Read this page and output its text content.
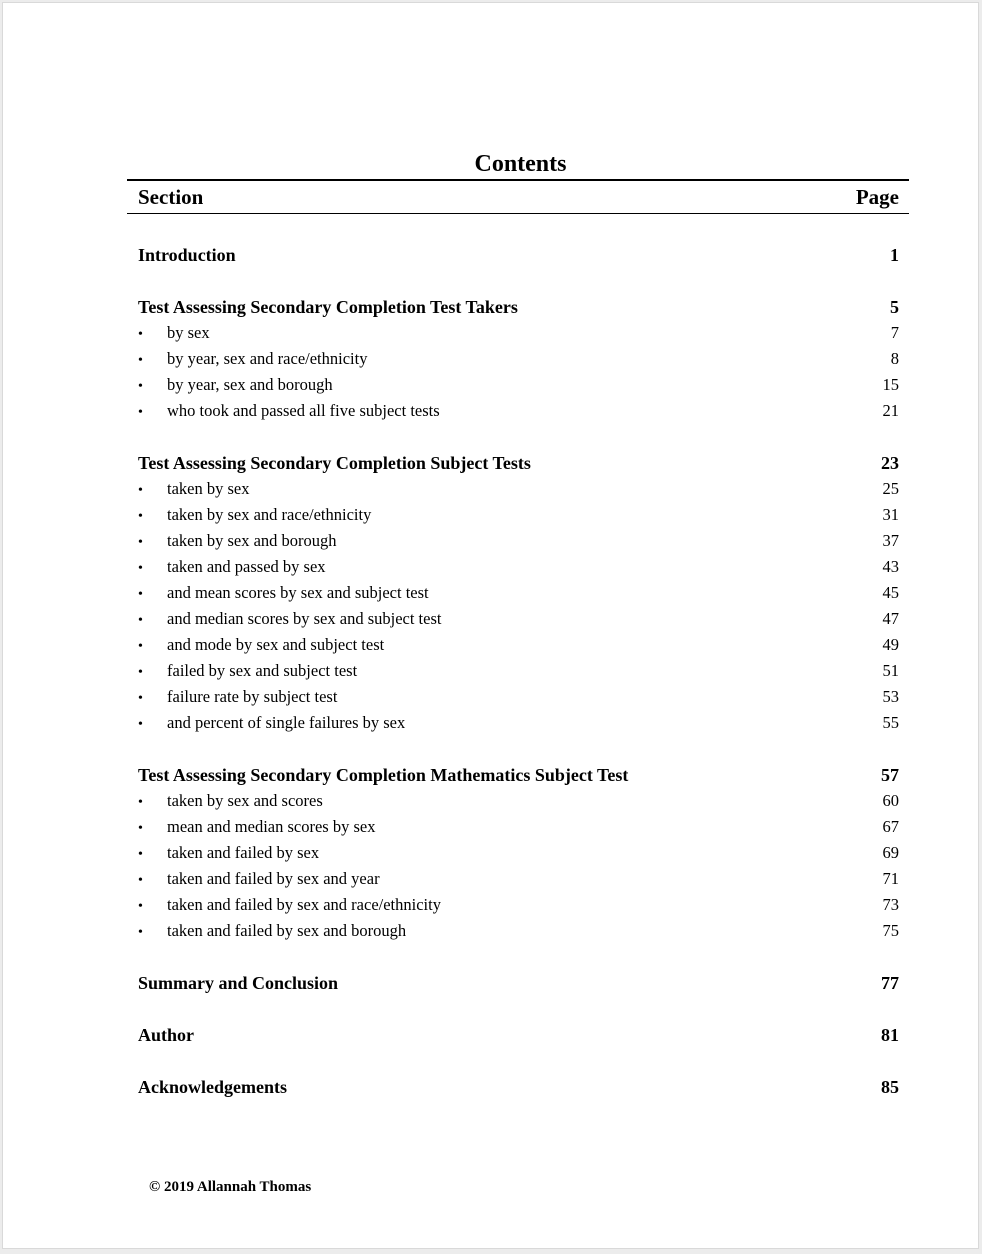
Contents
Section	Page
Introduction	1
Test Assessing Secondary Completion Test Takers	5
•	by sex	7
•	by year, sex and race/ethnicity	8
•	by year, sex and borough	15
•	who took and passed all five subject tests	21
Test Assessing Secondary Completion Subject Tests	23
•	taken by sex	25
•	taken by sex and race/ethnicity	31
•	taken by sex and borough	37
•	taken and passed by sex	43
•	and mean scores by sex and subject test	45
•	and median scores by sex and subject test	47
•	and mode by sex and subject test	49
•	failed by sex and subject test	51
•	failure rate by subject test	53
•	and percent of single failures by sex	55
Test Assessing Secondary Completion Mathematics Subject Test	57
•	taken by sex and scores	60
•	mean and median scores by sex	67
•	taken and failed by sex	69
•	taken and failed by sex and year	71
•	taken and failed by sex and race/ethnicity	73
•	taken and failed by sex and borough	75
Summary and Conclusion	77
Author	81
Acknowledgements	85
© 2019 Allannah Thomas
